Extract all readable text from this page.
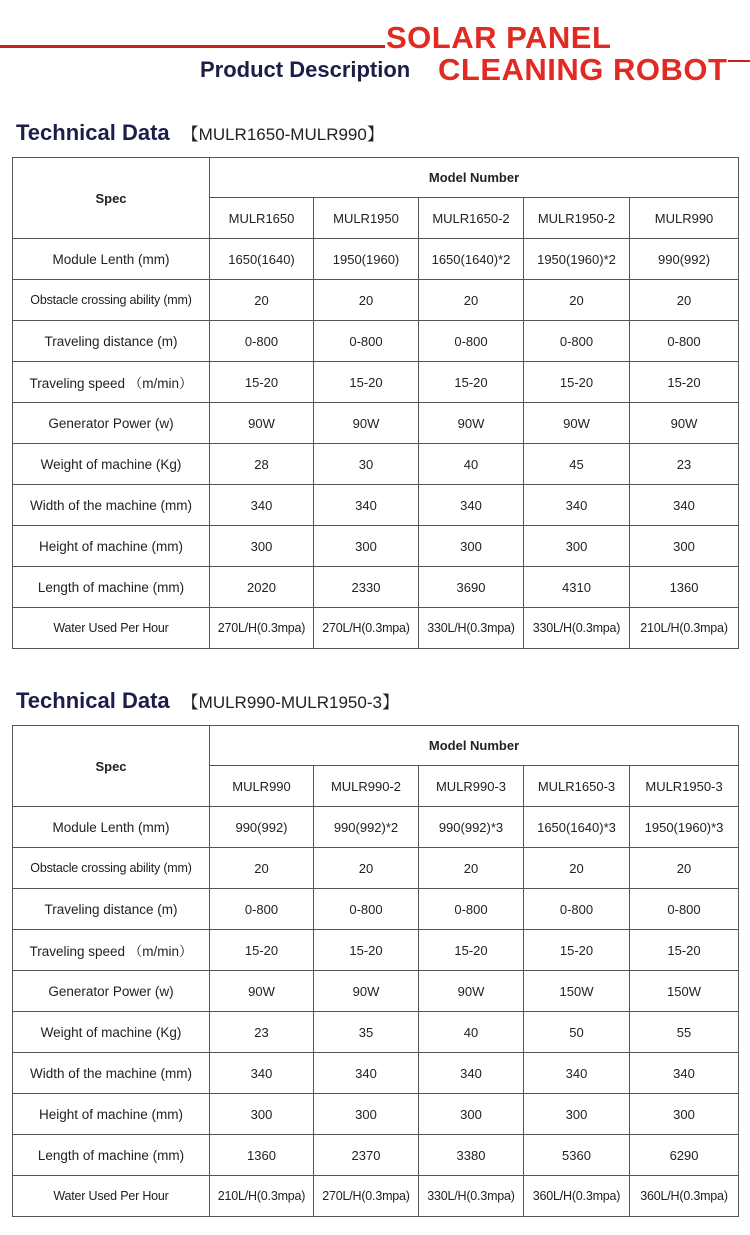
Product Description
SOLAR PANEL
CLEANING ROBOT
Technical Data 【MULR1650-MULR990】
Spec	Model Number				
	MULR1650	MULR1950	MULR1650-2	MULR1950-2	MULR990
Module Lenth (mm)	1650(1640)	1950(1960)	1650(1640)*2	1950(1960)*2	990(992)
Obstacle crossing ability (mm)	20	20	20	20	20
Traveling distance (m)	0-800	0-800	0-800	0-800	0-800
Traveling speed （m/min）	15-20	15-20	15-20	15-20	15-20
Generator Power (w)	90W	90W	90W	90W	90W
Weight of machine (Kg)	28	30	40	45	23
Width of the machine (mm)	340	340	340	340	340
Height of machine (mm)	300	300	300	300	300
Length of machine (mm)	2020	2330	3690	4310	1360
Water Used Per Hour	270L/H(0.3mpa)	270L/H(0.3mpa)	330L/H(0.3mpa)	330L/H(0.3mpa)	210L/H(0.3mpa)
Technical Data 【MULR990-MULR1950-3】
Spec	Model Number				
	MULR990	MULR990-2	MULR990-3	MULR1650-3	MULR1950-3
Module Lenth (mm)	990(992)	990(992)*2	990(992)*3	1650(1640)*3	1950(1960)*3
Obstacle crossing ability (mm)	20	20	20	20	20
Traveling distance (m)	0-800	0-800	0-800	0-800	0-800
Traveling speed （m/min）	15-20	15-20	15-20	15-20	15-20
Generator Power (w)	90W	90W	90W	150W	150W
Weight of machine (Kg)	23	35	40	50	55
Width of the machine (mm)	340	340	340	340	340
Height of machine (mm)	300	300	300	300	300
Length of machine (mm)	1360	2370	3380	5360	6290
Water Used Per Hour	210L/H(0.3mpa)	270L/H(0.3mpa)	330L/H(0.3mpa)	360L/H(0.3mpa)	360L/H(0.3mpa)
